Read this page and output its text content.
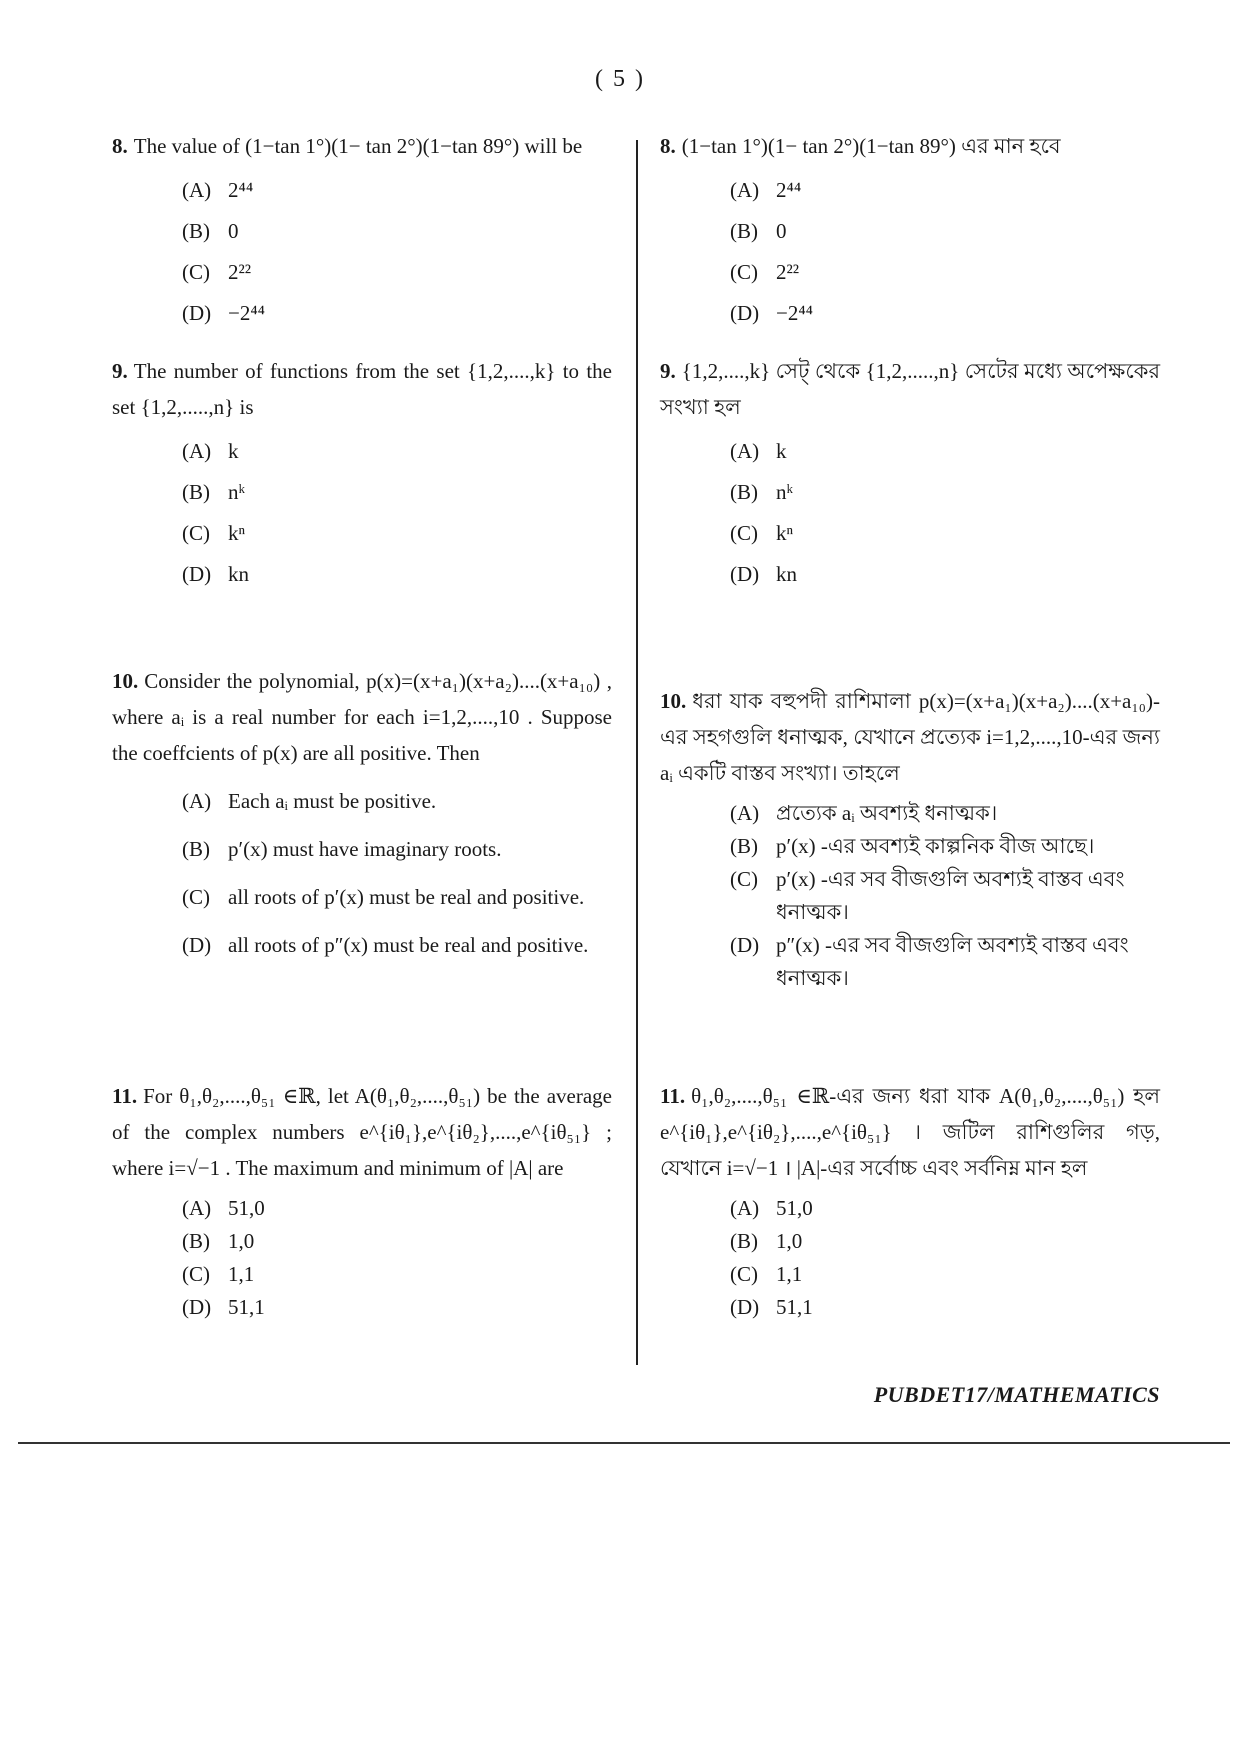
( 5 )
8. The value of (1−tan 1°)(1− tan 2°)(1−tan 89°) will be
(A) 2⁴⁴
(B) 0
(C) 2²²
(D) −2⁴⁴
9. The number of functions from the set {1,2,....,k} to the set {1,2,.....,n} is
(A) k
(B) nᵏ
(C) kⁿ
(D) kn
10. Consider the polynomial, p(x)=(x+a₁)(x+a₂)....(x+a₁₀) , where aᵢ is a real number for each i=1,2,....,10 . Suppose the coeffcients of p(x) are all positive. Then
(A) Each aᵢ must be positive.
(B) p′(x) must have imaginary roots.
(C) all roots of p′(x) must be real and positive.
(D) all roots of p″(x) must be real and positive.
11. For θ₁,θ₂,....,θ₅₁ ∈ℝ, let A(θ₁,θ₂,....,θ₅₁) be the average of the complex numbers e^{iθ₁},e^{iθ₂},....,e^{iθ₅₁} ; where i=√−1 . The maximum and minimum of |A| are
(A) 51,0
(B) 1,0
(C) 1,1
(D) 51,1
8. (1−tan 1°)(1− tan 2°)(1−tan 89°) এর মান হবে
(A) 2⁴⁴
(B) 0
(C) 2²²
(D) −2⁴⁴
9. {1,2,....,k} সেট্ থেকে {1,2,.....,n} সেটের মধ্যে অপেক্ষকের সংখ্যা হল
(A) k
(B) nᵏ
(C) kⁿ
(D) kn
10. ধরা যাক বহুপদী রাশিমালা p(x)=(x+a₁)(x+a₂)....(x+a₁₀)-এর সহগগুলি ধনাত্মক, যেখানে প্রত্যেক i=1,2,....,10-এর জন্য aᵢ একটি বাস্তব সংখ্যা। তাহলে
(A) প্রত্যেক aᵢ অবশ্যই ধনাত্মক।
(B) p′(x) -এর অবশ্যই কাল্পনিক বীজ আছে।
(C) p′(x) -এর সব বীজগুলি অবশ্যই বাস্তব এবং ধনাত্মক।
(D) p″(x) -এর সব বীজগুলি অবশ্যই বাস্তব এবং ধনাত্মক।
11. θ₁,θ₂,....,θ₅₁ ∈ℝ-এর জন্য ধরা যাক A(θ₁,θ₂,....,θ₅₁) হল e^{iθ₁},e^{iθ₂},....,e^{iθ₅₁} । জটিল রাশিগুলির গড়, যেখানে i=√−1 । |A|-এর সর্বোচ্চ এবং সর্বনিম্ন মান হল
(A) 51,0
(B) 1,0
(C) 1,1
(D) 51,1
PUBDET17/MATHEMATICS
